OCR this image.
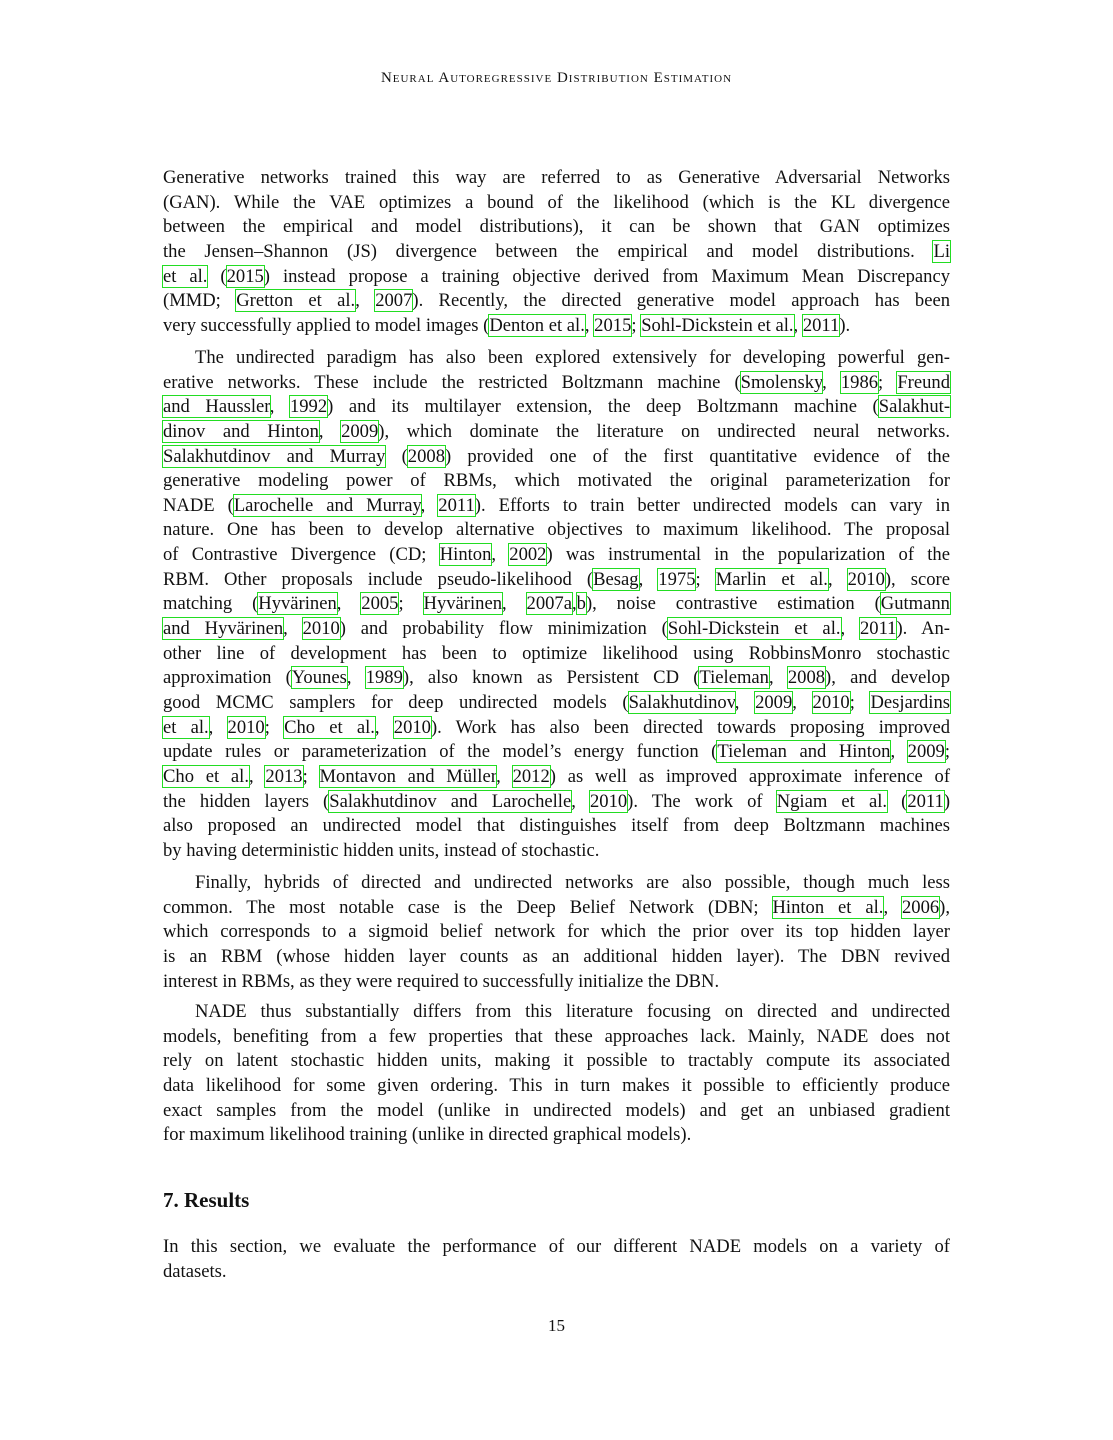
Neural Autoregressive Distribution Estimation
Generative networks trained this way are referred to as Generative Adversarial Networks
(GAN). While the VAE optimizes a bound of the likelihood (which is the KL divergence
between the empirical and model distributions), it can be shown that GAN optimizes
the Jensen–Shannon (JS) divergence between the empirical and model distributions. Li
et al. (2015) instead propose a training objective derived from Maximum Mean Discrepancy
(MMD; Gretton et al., 2007). Recently, the directed generative model approach has been
very successfully applied to model images (Denton et al., 2015; Sohl-Dickstein et al., 2011).
The undirected paradigm has also been explored extensively for developing powerful gen-
erative networks. These include the restricted Boltzmann machine (Smolensky, 1986; Freund
and Haussler, 1992) and its multilayer extension, the deep Boltzmann machine (Salakhut-
dinov and Hinton, 2009), which dominate the literature on undirected neural networks.
Salakhutdinov and Murray (2008) provided one of the first quantitative evidence of the
generative modeling power of RBMs, which motivated the original parameterization for
NADE (Larochelle and Murray, 2011). Efforts to train better undirected models can vary in
nature. One has been to develop alternative objectives to maximum likelihood. The proposal
of Contrastive Divergence (CD; Hinton, 2002) was instrumental in the popularization of the
RBM. Other proposals include pseudo-likelihood (Besag, 1975; Marlin et al., 2010), score
matching (Hyvärinen, 2005; Hyvärinen, 2007a,b), noise contrastive estimation (Gutmann
and Hyvärinen, 2010) and probability flow minimization (Sohl-Dickstein et al., 2011). An-
other line of development has been to optimize likelihood using RobbinsMonro stochastic
approximation (Younes, 1989), also known as Persistent CD (Tieleman, 2008), and develop
good MCMC samplers for deep undirected models (Salakhutdinov, 2009, 2010; Desjardins
et al., 2010; Cho et al., 2010). Work has also been directed towards proposing improved
update rules or parameterization of the model’s energy function (Tieleman and Hinton, 2009;
Cho et al., 2013; Montavon and Müller, 2012) as well as improved approximate inference of
the hidden layers (Salakhutdinov and Larochelle, 2010). The work of Ngiam et al. (2011)
also proposed an undirected model that distinguishes itself from deep Boltzmann machines
by having deterministic hidden units, instead of stochastic.
Finally, hybrids of directed and undirected networks are also possible, though much less
common. The most notable case is the Deep Belief Network (DBN; Hinton et al., 2006),
which corresponds to a sigmoid belief network for which the prior over its top hidden layer
is an RBM (whose hidden layer counts as an additional hidden layer). The DBN revived
interest in RBMs, as they were required to successfully initialize the DBN.
NADE thus substantially differs from this literature focusing on directed and undirected
models, benefiting from a few properties that these approaches lack. Mainly, NADE does not
rely on latent stochastic hidden units, making it possible to tractably compute its associated
data likelihood for some given ordering. This in turn makes it possible to efficiently produce
exact samples from the model (unlike in undirected models) and get an unbiased gradient
for maximum likelihood training (unlike in directed graphical models).
7. Results
In this section, we evaluate the performance of our different NADE models on a variety of
datasets.
15
